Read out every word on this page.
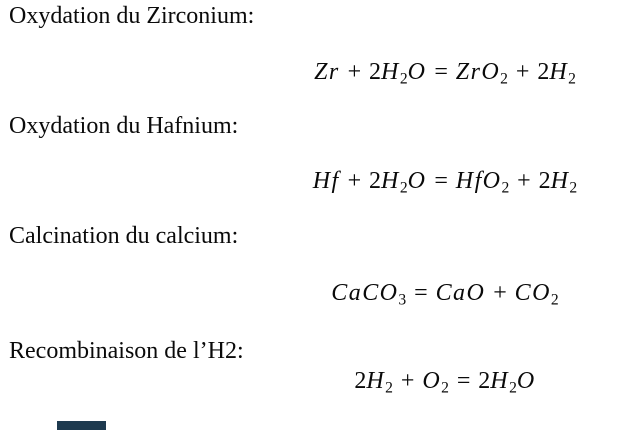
Oxydation du Zirconium:
Zr + 2H2O = ZrO2 + 2H2
Oxydation du Hafnium:
Hf + 2H2O = HfO2 + 2H2
Calcination du calcium:
CaCO3 = CaO + CO2
Recombinaison de l’H2:
2H2 + O2 = 2H2O
